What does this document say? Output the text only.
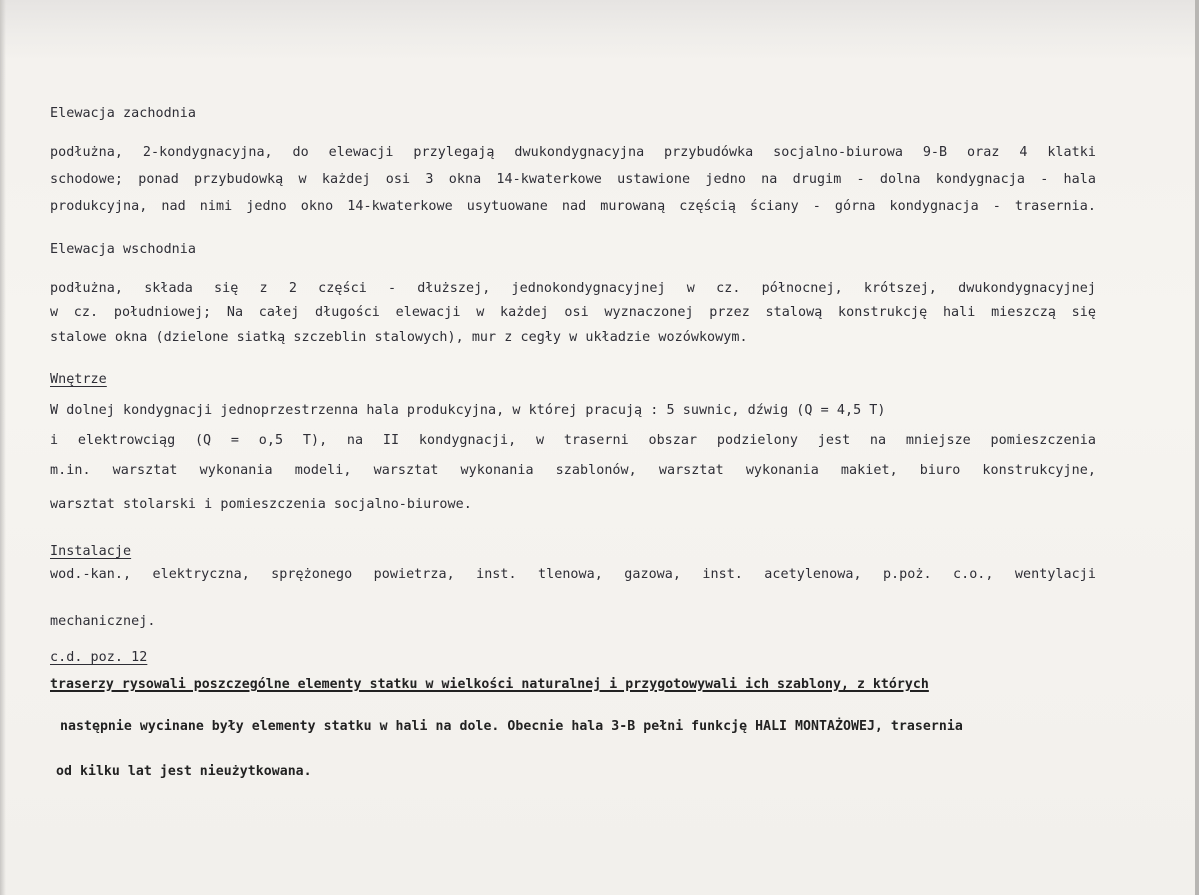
Elewacja zachodnia
podłużna, 2-kondygnacyjna, do elewacji przylegają dwukondygnacyjna przybudówka socjalno-biurowa 9-B oraz 4 klatki
schodowe; ponad przybudowką w każdej osi 3 okna 14-kwaterkowe ustawione jedno na drugim - dolna kondygnacja - hala
produkcyjna, nad nimi jedno okno 14-kwaterkowe usytuowane nad murowaną częścią ściany - górna kondygnacja - trasernia.
Elewacja wschodnia
podłużna, składa się z 2 części - dłuższej, jednokondygnacyjnej w cz. północnej, krótszej, dwukondygnacyjnej
w cz. południowej; Na całej długości elewacji w każdej osi wyznaczonej przez stalową konstrukcję hali mieszczą się
stalowe okna (dzielone siatką szczeblin stalowych), mur z cegły w układzie wozówkowym.
Wnętrze
W dolnej kondygnacji jednoprzestrzenna hala produkcyjna, w której pracują : 5 suwnic, dźwig (Q = 4,5 T)
i elektrowciąg (Q = o,5 T), na II kondygnacji, w traserni obszar podzielony jest na mniejsze pomieszczenia
m.in. warsztat wykonania modeli, warsztat wykonania szablonów, warsztat wykonania makiet, biuro konstrukcyjne,
warsztat stolarski i pomieszczenia socjalno-biurowe.
Instalacje
wod.-kan., elektryczna, sprężonego powietrza, inst. tlenowa, gazowa, inst. acetylenowa, p.poż. c.o., wentylacji
mechanicznej.
c.d. poz. 12
traserzy rysowali poszczególne elementy statku w wielkości naturalnej i przygotowywali ich szablony, z których
następnie wycinane były elementy statku w hali na dole. Obecnie hala 3-B pełni funkcję HALI MONTAŻOWEJ, trasernia
od kilku lat jest nieużytkowana.
